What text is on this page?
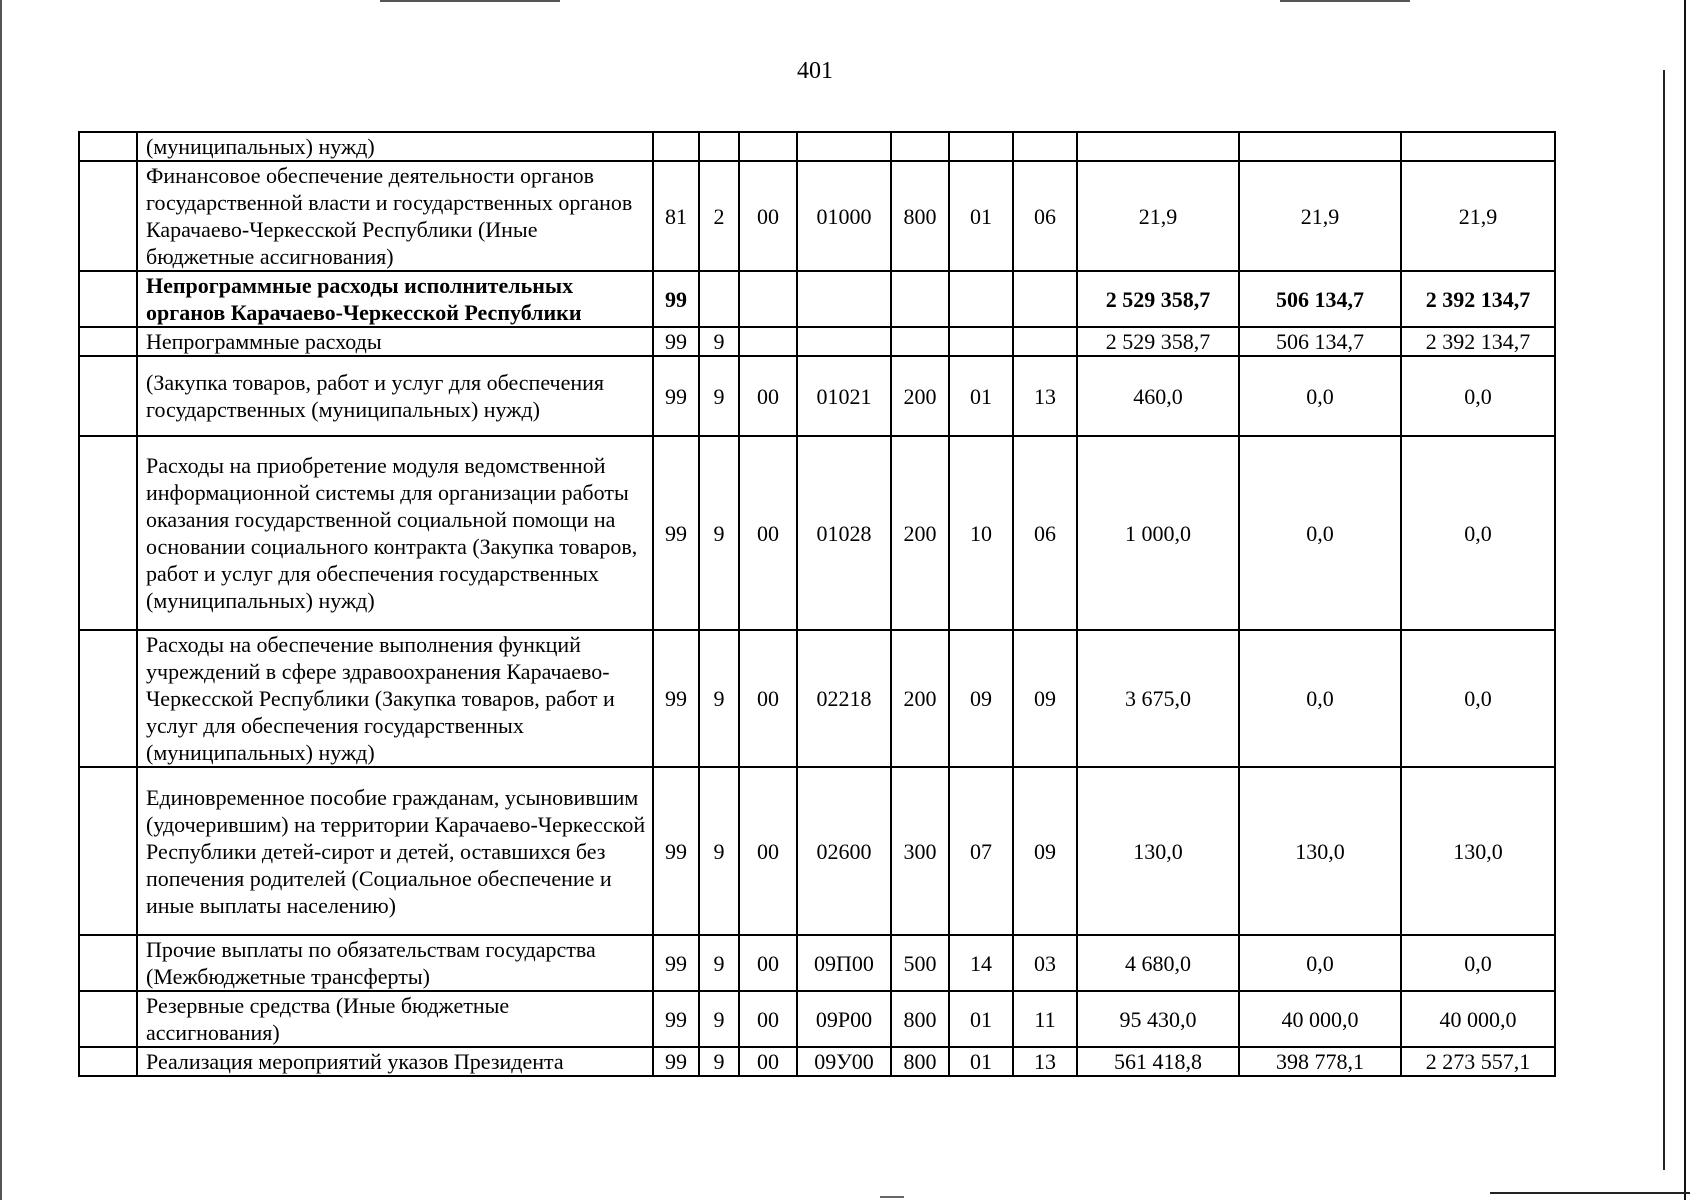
401
	(муниципальных) нужд)										
	Финансовое обеспечение деятельности органов государственной власти и государственных органов Карачаево-Черкесской Республики (Иные бюджетные ассигнования)	81	2	00	01000	800	01	06	21,9	21,9	21,9
	Непрограммные расходы исполнительных органов Карачаево-Черкесской Республики	99							2 529 358,7	506 134,7	2 392 134,7
	Непрограммные расходы	99	9						2 529 358,7	506 134,7	2 392 134,7
	(Закупка товаров, работ и услуг для обеспечения государственных (муниципальных) нужд)	99	9	00	01021	200	01	13	460,0	0,0	0,0
	Расходы на приобретение модуля ведомственной информационной системы для организации работы оказания государственной социальной помощи на основании социального контракта (Закупка товаров, работ и услуг для обеспечения государственных (муниципальных) нужд)	99	9	00	01028	200	10	06	1 000,0	0,0	0,0
	Расходы на обеспечение выполнения функций учреждений в сфере здравоохранения Карачаево-Черкесской Республики (Закупка товаров, работ и услуг для обеспечения государственных (муниципальных) нужд)	99	9	00	02218	200	09	09	3 675,0	0,0	0,0
	Единовременное пособие гражданам, усыновившим (удочерившим) на территории Карачаево-Черкесской Республики детей-сирот и детей, оставшихся без попечения родителей (Социальное обеспечение и иные выплаты населению)	99	9	00	02600	300	07	09	130,0	130,0	130,0
	Прочие выплаты по обязательствам государства (Межбюджетные трансферты)	99	9	00	09П00	500	14	03	4 680,0	0,0	0,0
	Резервные средства (Иные бюджетные ассигнования)	99	9	00	09Р00	800	01	11	95 430,0	40 000,0	40 000,0
	Реализация мероприятий указов Президента	99	9	00	09У00	800	01	13	561 418,8	398 778,1	2 273 557,1
